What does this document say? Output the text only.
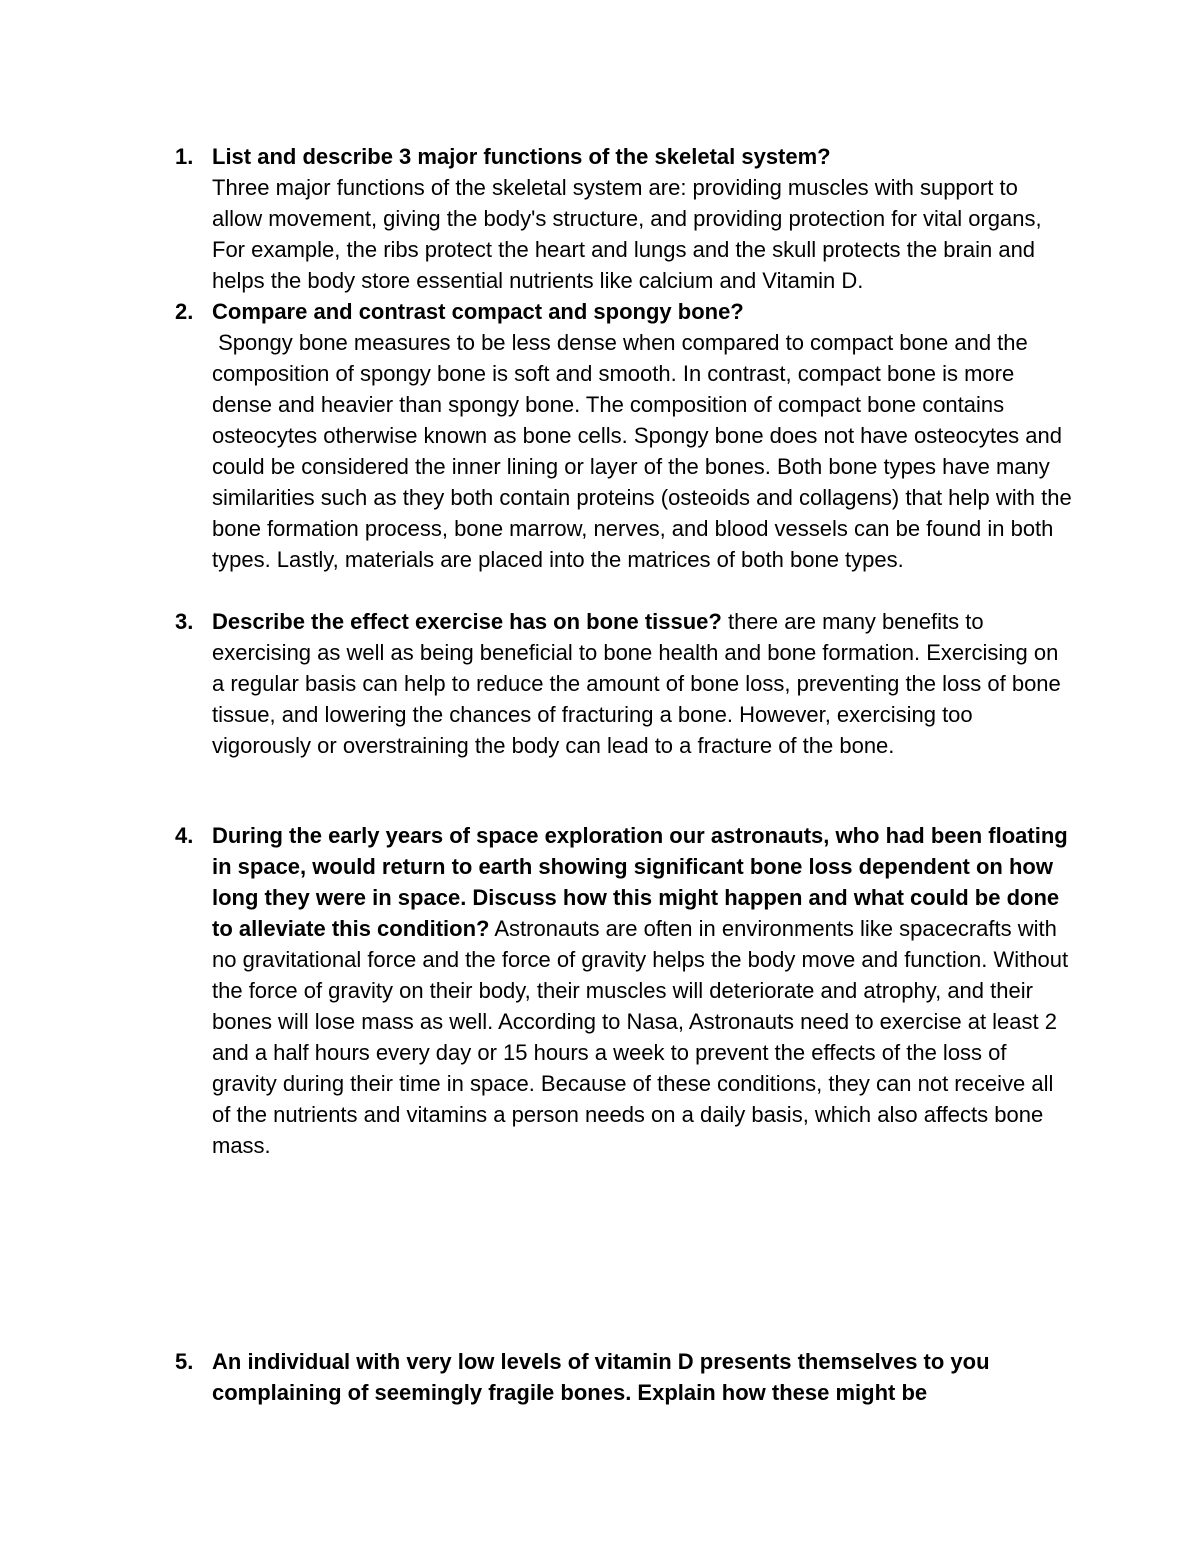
1. List and describe 3 major functions of the skeletal system?
Three major functions of the skeletal system are: providing muscles with support to allow movement, giving the body's structure, and providing protection for vital organs, For example, the ribs protect the heart and lungs and the skull protects the brain and helps the body store essential nutrients like calcium and Vitamin D.
2. Compare and contrast compact and spongy bone?
Spongy bone measures to be less dense when compared to compact bone and the composition of spongy bone is soft and smooth. In contrast, compact bone is more dense and heavier than spongy bone. The composition of compact bone contains osteocytes otherwise known as bone cells. Spongy bone does not have osteocytes and could be considered the inner lining or layer of the bones. Both bone types have many similarities such as they both contain proteins (osteoids and collagens) that help with the bone formation process, bone marrow, nerves, and blood vessels can be found in both types. Lastly, materials are placed into the matrices of both bone types.
3. Describe the effect exercise has on bone tissue? there are many benefits to exercising as well as being beneficial to bone health and bone formation. Exercising on a regular basis can help to reduce the amount of bone loss, preventing the loss of bone tissue, and lowering the chances of fracturing a bone. However, exercising too vigorously or overstraining the body can lead to a fracture of the bone.
4. During the early years of space exploration our astronauts, who had been floating in space, would return to earth showing significant bone loss dependent on how long they were in space. Discuss how this might happen and what could be done to alleviate this condition? Astronauts are often in environments like spacecrafts with no gravitational force and the force of gravity helps the body move and function. Without the force of gravity on their body, their muscles will deteriorate and atrophy, and their bones will lose mass as well. According to Nasa, Astronauts need to exercise at least 2 and a half hours every day or 15 hours a week to prevent the effects of the loss of gravity during their time in space. Because of these conditions, they can not receive all of the nutrients and vitamins a person needs on a daily basis, which also affects bone mass.
5. An individual with very low levels of vitamin D presents themselves to you complaining of seemingly fragile bones. Explain how these might be
